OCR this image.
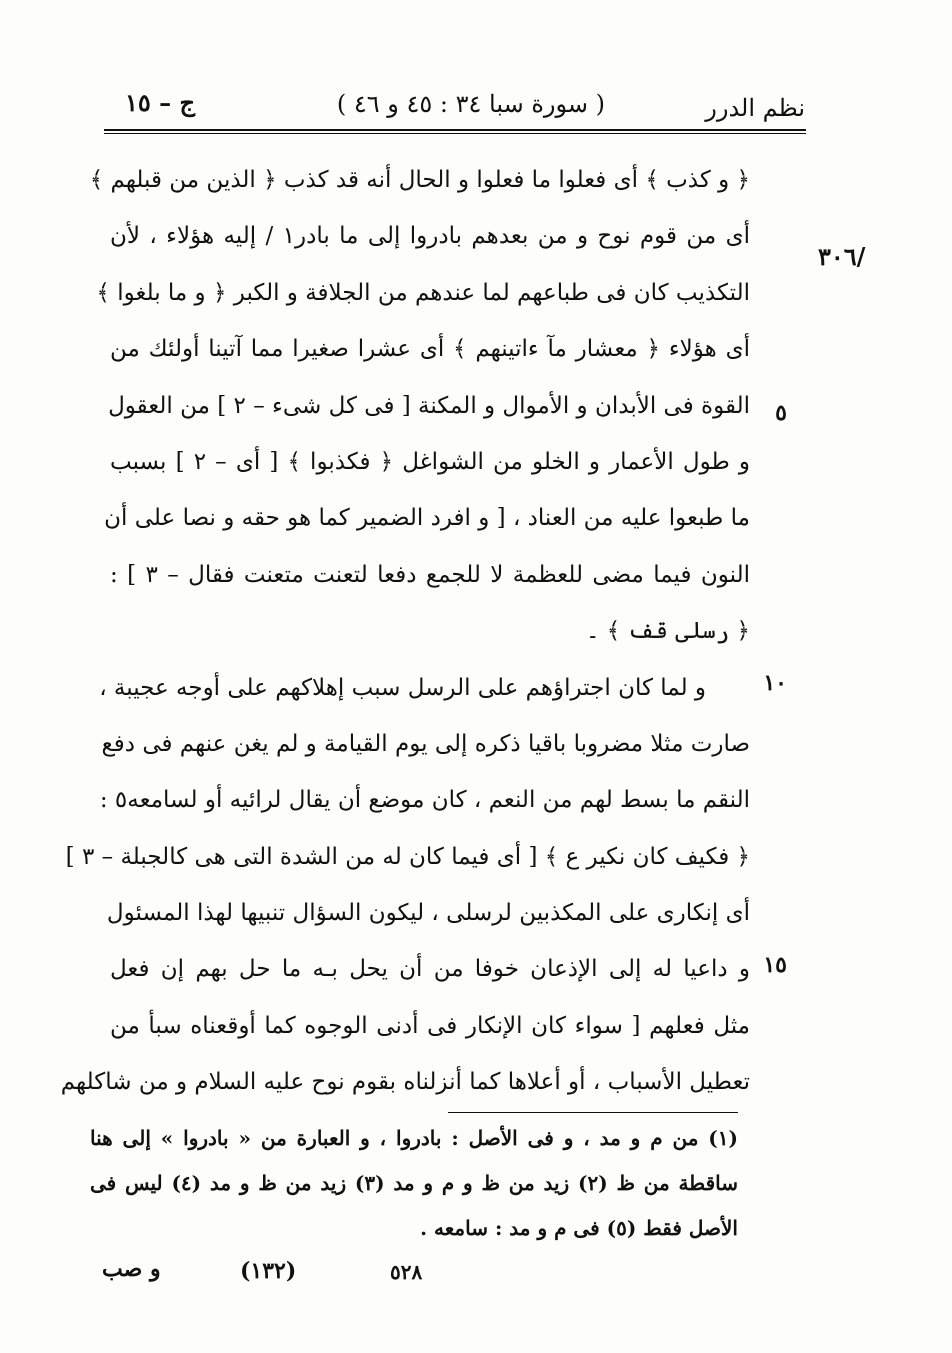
نظم الدرر
( سورة سبا ٣٤ : ٤٥ و ٤٦ )
ج – ١٥
/٣٠٦
٥
١٠
١٥
﴿ و كذب ﴾ أى فعلوا ما فعلوا و الحال أنه قد كذب ﴿ الذين من قبلهم ﴾
أى من قوم نوح و من بعدهم بادروا إلى ما بادر١ / إليه هؤلاء ، لأن
التكذيب كان فى طباعهم لما عندهم من الجلافة و الكبر ﴿ و ما بلغوا ﴾
أى هؤلاء ﴿ معشار مآ ءاتينهم ﴾ أى عشرا صغيرا مما آتينا أولئك من
القوة فى الأبدان و الأموال و المكنة [ فى كل شىء – ٢ ] من العقول
و طول الأعمار و الخلو من الشواغل ﴿ فكذبوا ﴾ [ أى – ٢ ] بسبب
ما طبعوا عليه من العناد ، [ و افرد الضمير كما هو حقه و نصا على أن
النون فيما مضى للعظمة لا للجمع دفعا لتعنت متعنت فقال – ٣ ] :
﴿ رسلى قف ﴾ ۔
و لما كان اجتراؤهم على الرسل سبب إهلاكهم على أوجه عجيبة ،
صارت مثلا مضروبا باقيا ذكره إلى يوم القيامة و لم يغن عنهم فى دفع
النقم ما بسط لهم من النعم ، كان موضع أن يقال لرائيه أو لسامعه٥ :
﴿ فكيف كان نكير ع ﴾ [ أى فيما كان له من الشدة التى هى كالجبلة – ٣ ]
أى إنكارى على المكذبين لرسلى ، ليكون السؤال تنبيها لهذا المسئول
و داعيا له إلى الإذعان خوفا من أن يحل بـه ما حل بهم إن فعل
مثل فعلهم [ سواء كان الإنكار فى أدنى الوجوه كما أوقعناه سبأ من
تعطيل الأسباب ، أو أعلاها كما أنزلناه بقوم نوح عليه السلام و من شاكلهم
(١) من م و مد ، و فى الأصل : بادروا ، و العبارة من « بادروا » إلى هنا
ساقطة من ظ (٢) زيد من ظ و م و مد (٣) زيد من ظ و مد (٤) ليس فى
الأصل فقط (٥) فى م و مد : سامعه .
٥٢٨
(١٣٢)
و صب
